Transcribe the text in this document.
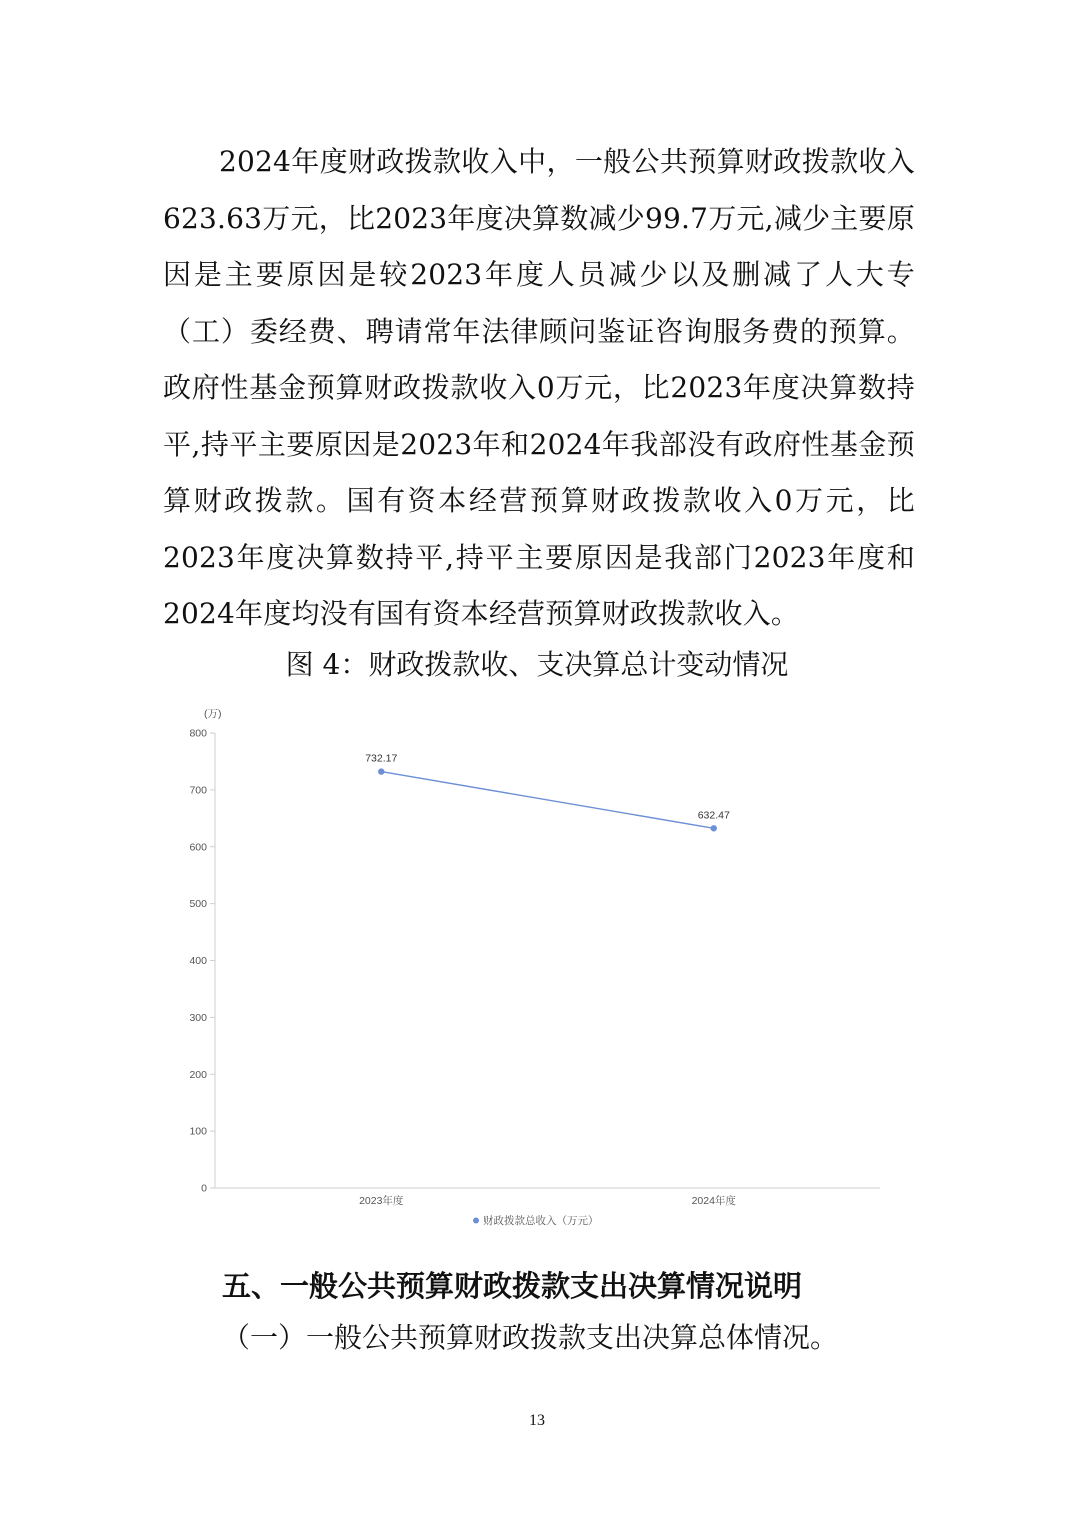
2024年度财政拨款收入中，一般公共预算财政拨款收入623.63万元，比2023年度决算数减少99.7万元,减少主要原因是主要原因是较2023年度人员减少以及删减了人大专（工）委经费、聘请常年法律顾问鉴证咨询服务费的预算。政府性基金预算财政拨款收入0万元，比2023年度决算数持平,持平主要原因是2023年和2024年我部没有政府性基金预算财政拨款。国有资本经营预算财政拨款收入0万元，比2023年度决算数持平,持平主要原因是我部门2023年度和2024年度均没有国有资本经营预算财政拨款收入。

图 4：财政拨款收、支决算总计变动情况

(万)
0
100
200
300
400
500
600
700
800
2023年度	2024年度
732.17
632.47
财政拨款总收入（万元）
五、一般公共预算财政拨款支出决算情况说明

（一）一般公共预算财政拨款支出决算总体情况。

13
